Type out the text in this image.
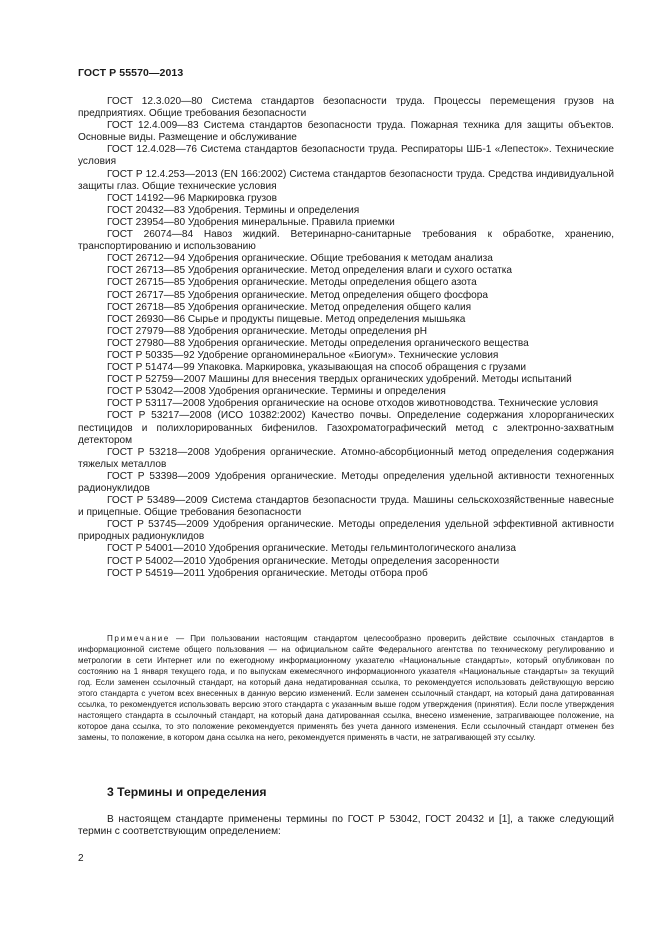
ГОСТ Р 55570—2013

ГОСТ 12.3.020—80 Система стандартов безопасности труда. Процессы перемещения грузов на предприятиях. Общие требования безопасности

ГОСТ 12.4.009—83 Система стандартов безопасности труда. Пожарная техника для защиты объектов. Основные виды. Размещение и обслуживание

ГОСТ 12.4.028—76 Система стандартов безопасности труда. Респираторы ШБ-1 «Лепесток». Технические условия

ГОСТ Р 12.4.253—2013 (EN 166:2002) Система стандартов безопасности труда. Средства индивидуальной защиты глаз. Общие технические условия

ГОСТ 14192—96 Маркировка грузов

ГОСТ 20432—83 Удобрения. Термины и определения

ГОСТ 23954—80 Удобрения минеральные. Правила приемки

ГОСТ 26074—84 Навоз жидкий. Ветеринарно-санитарные требования к обработке, хранению, транспортированию и использованию

ГОСТ 26712—94 Удобрения органические. Общие требования к методам анализа

ГОСТ 26713—85 Удобрения органические. Метод определения влаги и сухого остатка

ГОСТ 26715—85 Удобрения органические. Методы определения общего азота

ГОСТ 26717—85 Удобрения органические. Метод определения общего фосфора

ГОСТ 26718—85 Удобрения органические. Метод определения общего калия

ГОСТ 26930—86 Сырье и продукты пищевые. Метод определения мышьяка

ГОСТ 27979—88 Удобрения органические. Методы определения pH

ГОСТ 27980—88 Удобрения органические. Методы определения органического вещества

ГОСТ Р 50335—92 Удобрение органоминеральное «Биогум». Технические условия

ГОСТ Р 51474—99 Упаковка. Маркировка, указывающая на способ обращения с грузами

ГОСТ Р 52759—2007 Машины для внесения твердых органических удобрений. Методы испытаний

ГОСТ Р 53042—2008 Удобрения органические. Термины и определения

ГОСТ Р 53117—2008 Удобрения органические на основе отходов животноводства. Технические условия

ГОСТ Р 53217—2008 (ИСО 10382:2002) Качество почвы. Определение содержания хлорорганических пестицидов и полихлорированных бифенилов. Газохроматографический метод с электронно-захватным детектором

ГОСТ Р 53218—2008 Удобрения органические. Атомно-абсорбционный метод определения содержания тяжелых металлов

ГОСТ Р 53398—2009 Удобрения органические. Методы определения удельной активности техногенных радионуклидов

ГОСТ Р 53489—2009 Система стандартов безопасности труда. Машины сельскохозяйственные навесные и прицепные. Общие требования безопасности

ГОСТ Р 53745—2009 Удобрения органические. Методы определения удельной эффективной активности природных радионуклидов

ГОСТ Р 54001—2010 Удобрения органические. Методы гельминтологического анализа

ГОСТ Р 54002—2010 Удобрения органические. Методы определения засоренности

ГОСТ Р 54519—2011 Удобрения органические. Методы отбора проб

Примечание — При пользовании настоящим стандартом целесообразно проверить действие ссылочных стандартов в информационной системе общего пользования — на официальном сайте Федерального агентства по техническому регулированию и метрологии в сети Интернет или по ежегодному информационному указателю «Национальные стандарты», который опубликован по состоянию на 1 января текущего года, и по выпускам ежемесячного информационного указателя «Национальные стандарты» за текущий год. Если заменен ссылочный стандарт, на который дана недатированная ссылка, то рекомендуется использовать действующую версию этого стандарта с учетом всех внесенных в данную версию изменений. Если заменен ссылочный стандарт, на который дана датированная ссылка, то рекомендуется использовать версию этого стандарта с указанным выше годом утверждения (принятия). Если после утверждения настоящего стандарта в ссылочный стандарт, на который дана датированная ссылка, внесено изменение, затрагивающее положение, на которое дана ссылка, то это положение рекомендуется применять без учета данного изменения. Если ссылочный стандарт отменен без замены, то положение, в котором дана ссылка на него, рекомендуется применять в части, не затрагивающей эту ссылку.

3 Термины и определения

В настоящем стандарте применены термины по ГОСТ Р 53042, ГОСТ 20432 и [1], а также следующий термин с соответствующим определением:

2
